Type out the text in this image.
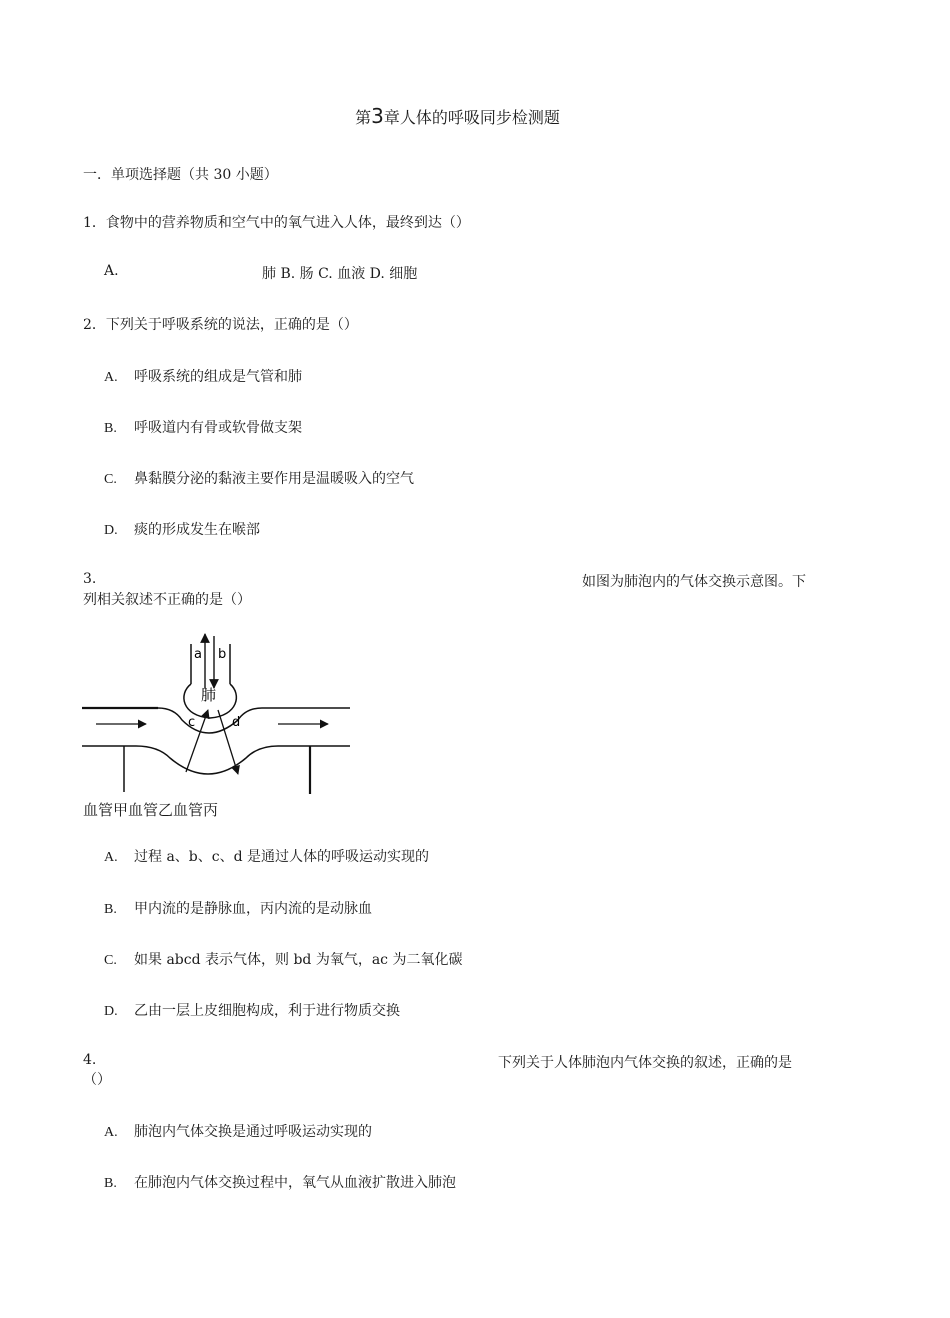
第3章人体的呼吸同步检测题
一．单项选择题（共 30 小题）
1．食物中的营养物质和空气中的氧气进入人体，最终到达（）
A.	肺 B. 肠 C. 血液 D. 细胞
2．下列关于呼吸系统的说法，正确的是（）
A. 呼吸系统的组成是气管和肺
B. 呼吸道内有骨或软骨做支架
C. 鼻黏膜分泌的黏液主要作用是温暖吸入的空气
D. 痰的形成发生在喉部
3.	如图为肺泡内的气体交换示意图。下
列相关叙述不正确的是（）
a b
肺
c	d
血管甲血管乙血管丙
A. 过程 a、b、c、d 是通过人体的呼吸运动实现的
B. 甲内流的是静脉血，丙内流的是动脉血
C. 如果 abcd 表示气体，则 bd 为氧气，ac 为二氧化碳
D. 乙由一层上皮细胞构成，利于进行物质交换
4.	下列关于人体肺泡内气体交换的叙述，正确的是
（）
A. 肺泡内气体交换是通过呼吸运动实现的
B. 在肺泡内气体交换过程中，氧气从血液扩散进入肺泡
